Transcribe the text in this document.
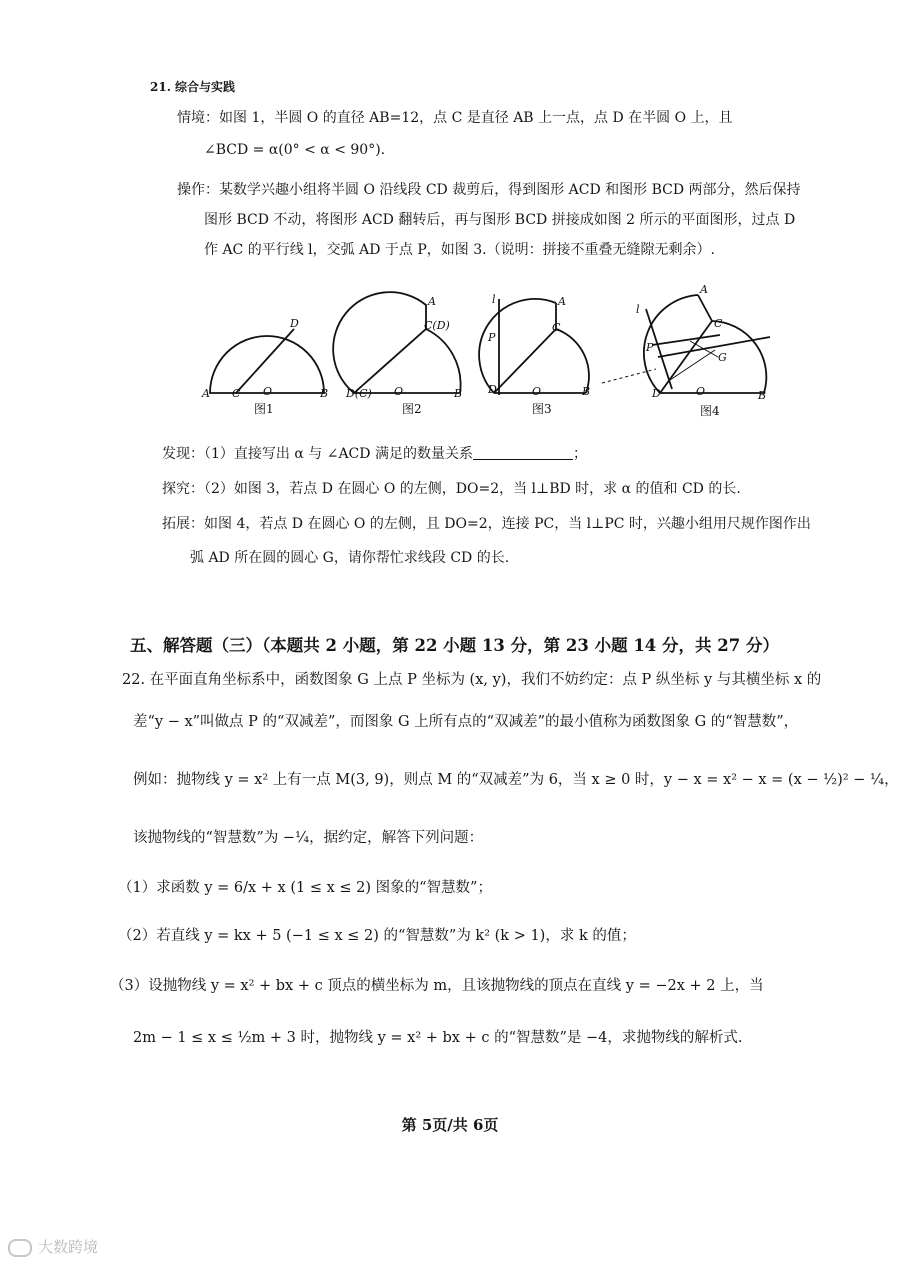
21. 综合与实践
情境：如图 1，半圆 O 的直径 AB=12，点 C 是直径 AB 上一点，点 D 在半圆 O 上，且
∠BCD = α(0° < α < 90°).
操作：某数学兴趣小组将半圆 O 沿线段 CD 裁剪后，得到图形 ACD 和图形 BCD 两部分，然后保持
图形 BCD 不动，将图形 ACD 翻转后，再与图形 BCD 拼接成如图 2 所示的平面图形，过点 D
作 AC 的平行线 l，交弧 AD 于点 P，如图 3.（说明：拼接不重叠无缝隙无剩余）.
D
A C O	B
图1
A
C(D)
D(C) O	B
图2
l	A
C
P
D	O	B
图3
l
A
C
P
G
D	O	B
图4
发现：（1）直接写出 α 与 ∠ACD 满足的数量关系	；
探究：（2）如图 3，若点 D 在圆心 O 的左侧，DO=2，当 l⊥BD 时，求 α 的值和 CD 的长.
拓展：如图 4，若点 D 在圆心 O 的左侧，且 DO=2，连接 PC，当 l⊥PC 时，兴趣小组用尺规作图作出
弧 AD 所在圆的圆心 G，请你帮忙求线段 CD 的长.
五、解答题（三）（本题共 2 小题，第 22 小题 13 分，第 23 小题 14 分，共 27 分）
22. 在平面直角坐标系中，函数图象 G 上点 P 坐标为 (x, y)，我们不妨约定：点 P 纵坐标 y 与其横坐标 x 的
差“y − x”叫做点 P 的“双减差”，而图象 G 上所有点的“双减差”的最小值称为函数图象 G 的“智慧数”，
例如：抛物线 y = x² 上有一点 M(3, 9)，则点 M 的“双减差”为 6，当 x ≥ 0 时，y − x = x² − x = (x − ½)² − ¼，
该抛物线的“智慧数”为 −¼，据约定，解答下列问题：
（1）求函数 y = 6/x + x (1 ≤ x ≤ 2) 图象的“智慧数”；
（2）若直线 y = kx + 5 (−1 ≤ x ≤ 2) 的“智慧数”为 k² (k > 1)，求 k 的值；
（3）设抛物线 y = x² + bx + c 顶点的横坐标为 m，且该抛物线的顶点在直线 y = −2x + 2 上，当
2m − 1 ≤ x ≤ ½m + 3 时，抛物线 y = x² + bx + c 的“智慧数”是 −4，求抛物线的解析式.
第 5页/共 6页
大数跨境
